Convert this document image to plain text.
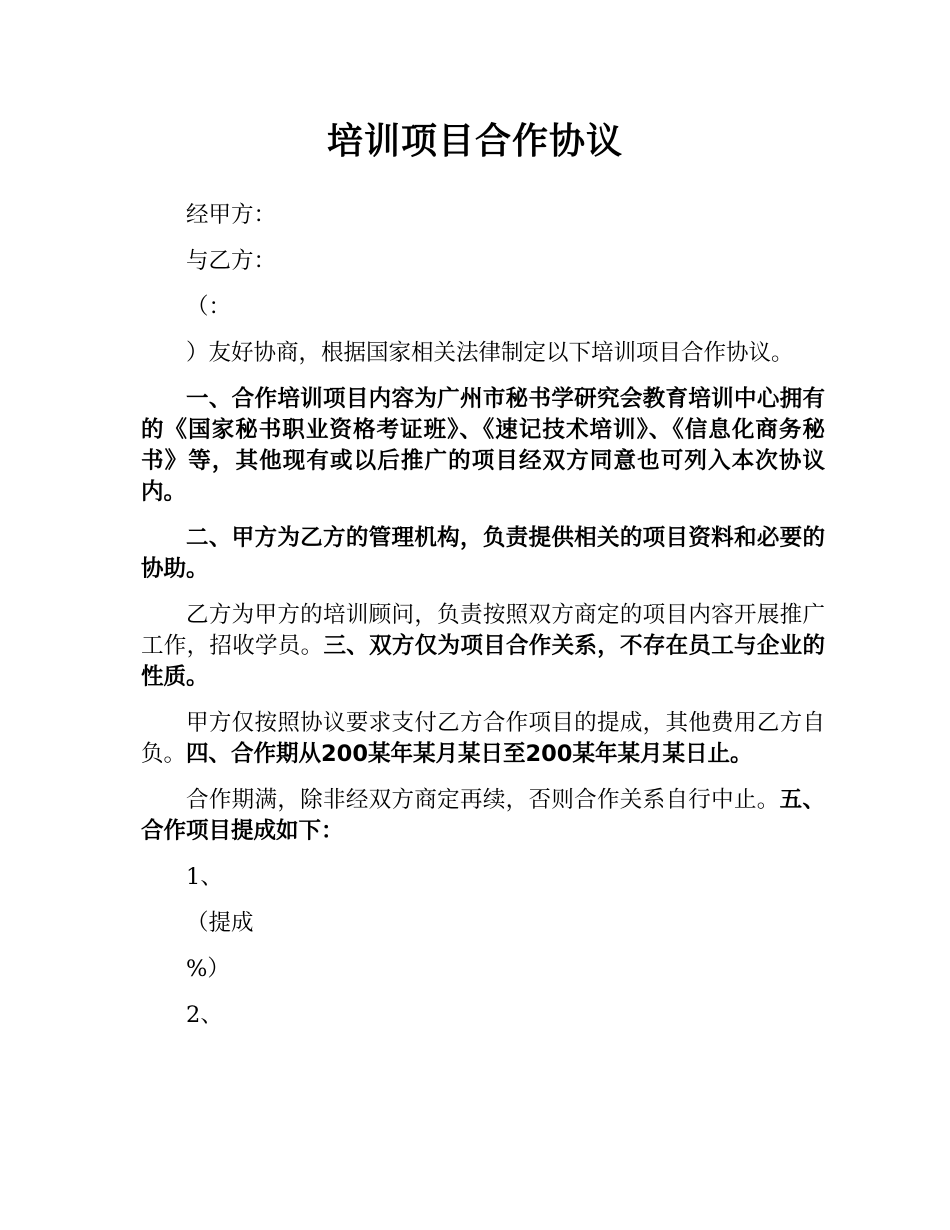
培训项目合作协议

经甲方：

与乙方：

（：

）友好协商，根据国家相关法律制定以下培训项目合作协议。

一、合作培训项目内容为广州市秘书学研究会教育培训中心拥有的《国家秘书职业资格考证班》、《速记技术培训》、《信息化商务秘书》等，其他现有或以后推广的项目经双方同意也可列入本次协议内。

二、甲方为乙方的管理机构，负责提供相关的项目资料和必要的协助。

乙方为甲方的培训顾问，负责按照双方商定的项目内容开展推广工作，招收学员。三、双方仅为项目合作关系，不存在员工与企业的性质。

甲方仅按照协议要求支付乙方合作项目的提成，其他费用乙方自负。四、合作期从200某年某月某日至200某年某月某日止。

合作期满，除非经双方商定再续，否则合作关系自行中止。五、合作项目提成如下：

1、

（提成

%）

2、
